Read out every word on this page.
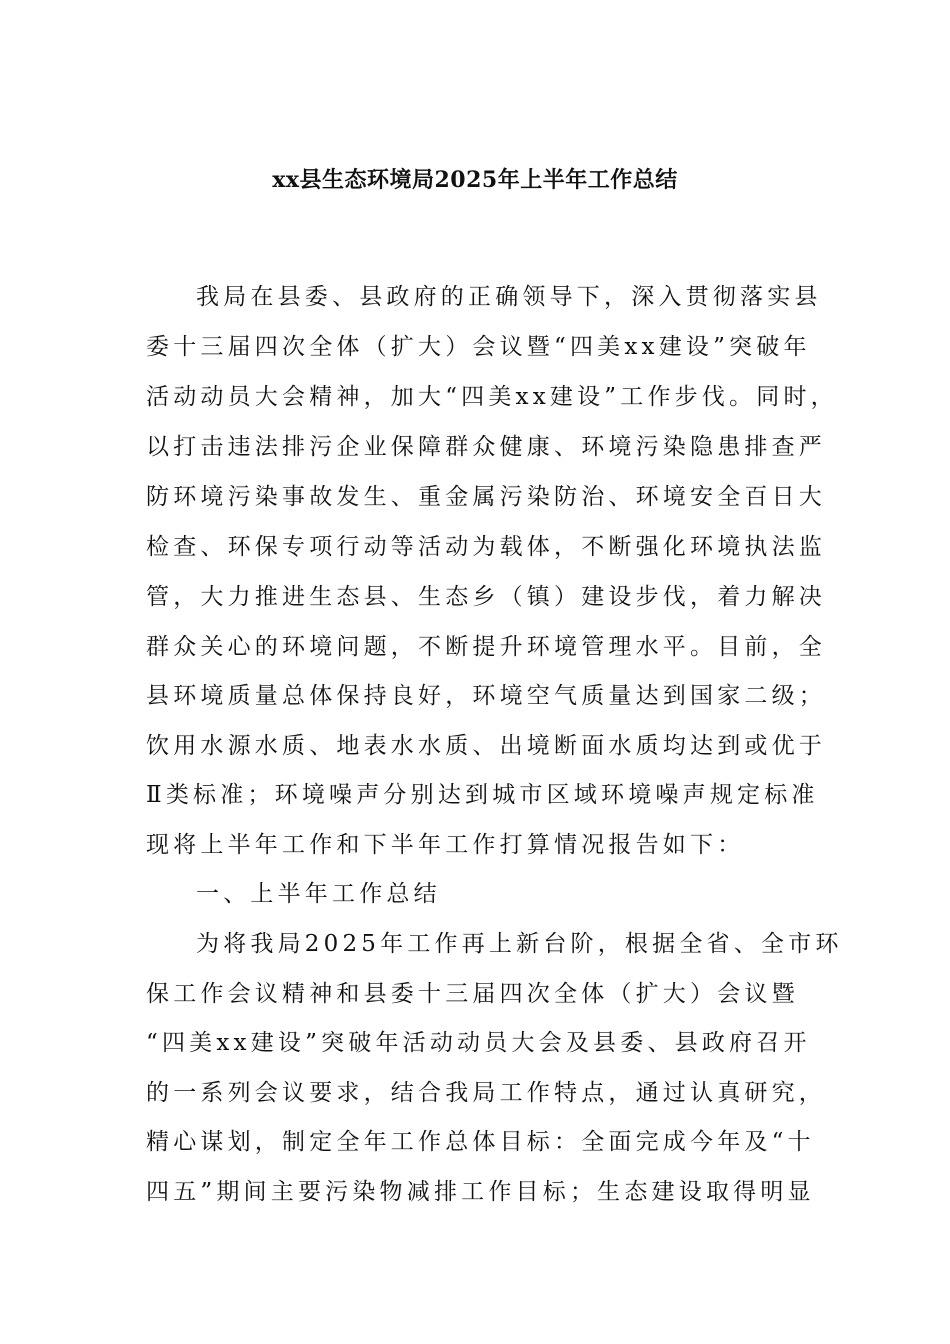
xx县生态环境局2025年上半年工作总结
我局在县委、县政府的正确领导下，深入贯彻落实县
委十三届四次全体（扩大）会议暨“四美xx建设”突破年
活动动员大会精神，加大“四美xx建设”工作步伐。同时，
以打击违法排污企业保障群众健康、环境污染隐患排查严
防环境污染事故发生、重金属污染防治、环境安全百日大
检查、环保专项行动等活动为载体，不断强化环境执法监
管，大力推进生态县、生态乡（镇）建设步伐，着力解决
群众关心的环境问题，不断提升环境管理水平。目前，全
县环境质量总体保持良好，环境空气质量达到国家二级；
饮用水源水质、地表水水质、出境断面水质均达到或优于
Ⅱ类标准；环境噪声分别达到城市区域环境噪声规定标准
现将上半年工作和下半年工作打算情况报告如下：
一、上半年工作总结
为将我局2025年工作再上新台阶，根据全省、全市环
保工作会议精神和县委十三届四次全体（扩大）会议暨
“四美xx建设”突破年活动动员大会及县委、县政府召开
的一系列会议要求，结合我局工作特点，通过认真研究，
精心谋划，制定全年工作总体目标：全面完成今年及“十
四五”期间主要污染物减排工作目标；生态建设取得明显
